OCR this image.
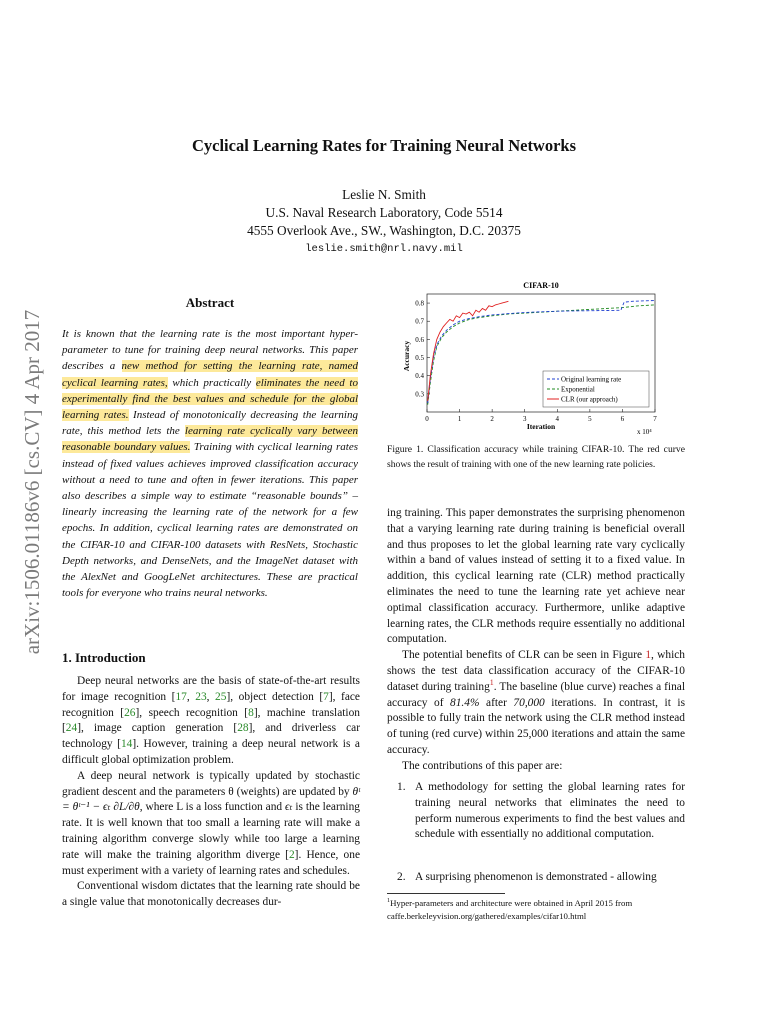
Cyclical Learning Rates for Training Neural Networks
Leslie N. Smith
U.S. Naval Research Laboratory, Code 5514
4555 Overlook Ave., SW., Washington, D.C. 20375
leslie.smith@nrl.navy.mil
arXiv:1506.01186v6 [cs.CV] 4 Apr 2017
Abstract
It is known that the learning rate is the most important hyper-parameter to tune for training deep neural networks. This paper describes a new method for setting the learning rate, named cyclical learning rates, which practically eliminates the need to experimentally find the best values and schedule for the global learning rates. Instead of monotonically decreasing the learning rate, this method lets the learning rate cyclically vary between reasonable boundary values. Training with cyclical learning rates instead of fixed values achieves improved classification accuracy without a need to tune and often in fewer iterations. This paper also describes a simple way to estimate “reasonable bounds” – linearly increasing the learning rate of the network for a few epochs. In addition, cyclical learning rates are demonstrated on the CIFAR-10 and CIFAR-100 datasets with ResNets, Stochastic Depth networks, and DenseNets, and the ImageNet dataset with the AlexNet and GoogLeNet architectures. These are practical tools for everyone who trains neural networks.
1. Introduction

Deep neural networks are the basis of state-of-the-art results for image recognition [17, 23, 25], object detection [7], face recognition [26], speech recognition [8], machine translation [24], image caption generation [28], and driverless car technology [14]. However, training a deep neural network is a difficult global optimization problem.

A deep neural network is typically updated by stochastic gradient descent and the parameters θ (weights) are updated by θᵗ = θᵗ⁻¹ − ϵₜ ∂L/∂θ, where L is a loss function and ϵₜ is the learning rate. It is well known that too small a learning rate will make a training algorithm converge slowly while too large a learning rate will make the training algorithm diverge [2]. Hence, one must experiment with a variety of learning rates and schedules.

Conventional wisdom dictates that the learning rate should be a single value that monotonically decreases dur-

CIFAR-10
0.3
0.4
0.5
0.6
0.7
0.8
0	1	2	3	4	5	6	7
Iteration
Accuracy
x 10⁴
Original learning rate
Exponential
CLR (our approach)
Figure 1. Classification accuracy while training CIFAR-10. The red curve shows the result of training with one of the new learning rate policies.

ing training. This paper demonstrates the surprising phenomenon that a varying learning rate during training is beneficial overall and thus proposes to let the global learning rate vary cyclically within a band of values instead of setting it to a fixed value. In addition, this cyclical learning rate (CLR) method practically eliminates the need to tune the learning rate yet achieve near optimal classification accuracy. Furthermore, unlike adaptive learning rates, the CLR methods require essentially no additional computation.

The potential benefits of CLR can be seen in Figure 1, which shows the test data classification accuracy of the CIFAR-10 dataset during training$^1$. The baseline (blue curve) reaches a final accuracy of 81.4% after 70,000 iterations. In contrast, it is possible to fully train the network using the CLR method instead of tuning (red curve) within 25,000 iterations and attain the same accuracy.

The contributions of this paper are:

1. A methodology for setting the global learning rates for training neural networks that eliminates the need to perform numerous experiments to find the best values and schedule with essentially no additional computation.
2. A surprising phenomenon is demonstrated - allowing
$^1$Hyper-parameters and architecture were obtained in April 2015 from caffe.berkeleyvision.org/gathered/examples/cifar10.html
